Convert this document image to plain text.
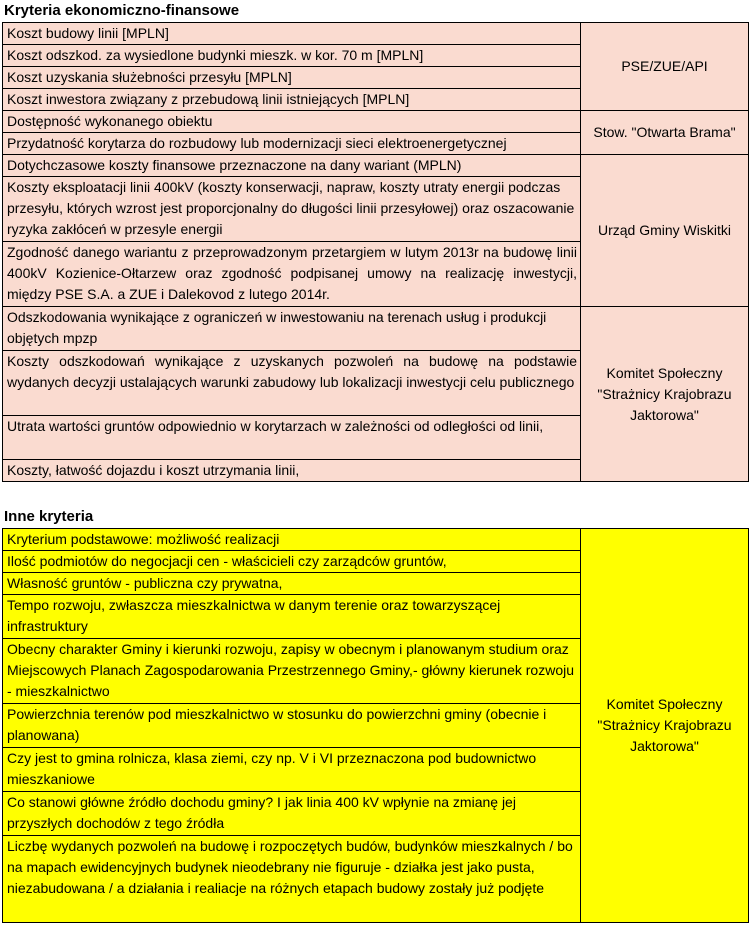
Kryteria ekonomiczno-finansowe
Koszt budowy linii [MPLN]	PSE/ZUE/API
Koszt odszkod. za wysiedlone budynki mieszk. w kor. 70 m [MPLN]	
Koszt uzyskania służebności przesyłu [MPLN]	
Koszt inwestora związany z przebudową linii istniejących [MPLN]	
Dostępność wykonanego obiektu	Stow. "Otwarta Brama"
Przydatność korytarza do rozbudowy lub modernizacji sieci elektroenergetycznej	
Dotychczasowe koszty finansowe przeznaczone na dany wariant (MPLN)	Urząd Gminy Wiskitki
Koszty eksploatacji linii 400kV (koszty konserwacji, napraw, koszty utraty energii podczas przesyłu, których wzrost jest proporcjonalny do długości linii przesyłowej) oraz oszacowanie ryzyka zakłóceń w przesyle energii	
Zgodność danego wariantu z przeprowadzonym przetargiem w lutym 2013r na budowę linii 400kV Kozienice-Ołtarzew oraz zgodność podpisanej umowy na realizację inwestycji, między PSE S.A. a ZUE i Dalekovod z lutego 2014r.	
Odszkodowania wynikające z ograniczeń w inwestowaniu na terenach usług i produkcji objętych mpzp	Komitet Społeczny "Strażnicy Krajobrazu Jaktorowa"
Koszty odszkodowań wynikające z uzyskanych pozwoleń na budowę na podstawie wydanych decyzji ustalających warunki zabudowy lub lokalizacji inwestycji celu publicznego	
Utrata wartości gruntów odpowiednio w korytarzach w zależności od odległości od linii,	
Koszty, łatwość dojazdu i koszt utrzymania linii,	
Inne kryteria
Kryterium podstawowe: możliwość realizacji	Komitet Społeczny "Strażnicy Krajobrazu Jaktorowa"
Ilość podmiotów do negocjacji cen - właścicieli czy zarządców gruntów,
Własność gruntów - publiczna czy prywatna,
Tempo rozwoju, zwłaszcza mieszkalnictwa w danym terenie oraz towarzyszącej infrastruktury
Obecny charakter Gminy i kierunki rozwoju, zapisy w obecnym i planowanym studium oraz Miejscowych Planach Zagospodarowania Przestrzennego Gminy,- główny kierunek rozwoju - mieszkalnictwo
Powierzchnia terenów pod mieszkalnictwo w stosunku do powierzchni gminy (obecnie i planowana)
Czy jest to gmina rolnicza, klasa ziemi, czy np. V i VI przeznaczona pod budownictwo mieszkaniowe
Co stanowi główne źródło dochodu gminy? I jak linia 400 kV wpłynie na zmianę jej przyszłych dochodów z tego źródła
Liczbę wydanych pozwoleń na budowę i rozpoczętych budów, budynków mieszkalnych / bo na mapach ewidencyjnych budynek nieodebrany nie figuruje - działka jest jako pusta, niezabudowana / a działania i realiacje na różnych etapach budowy zostały już podjęte
